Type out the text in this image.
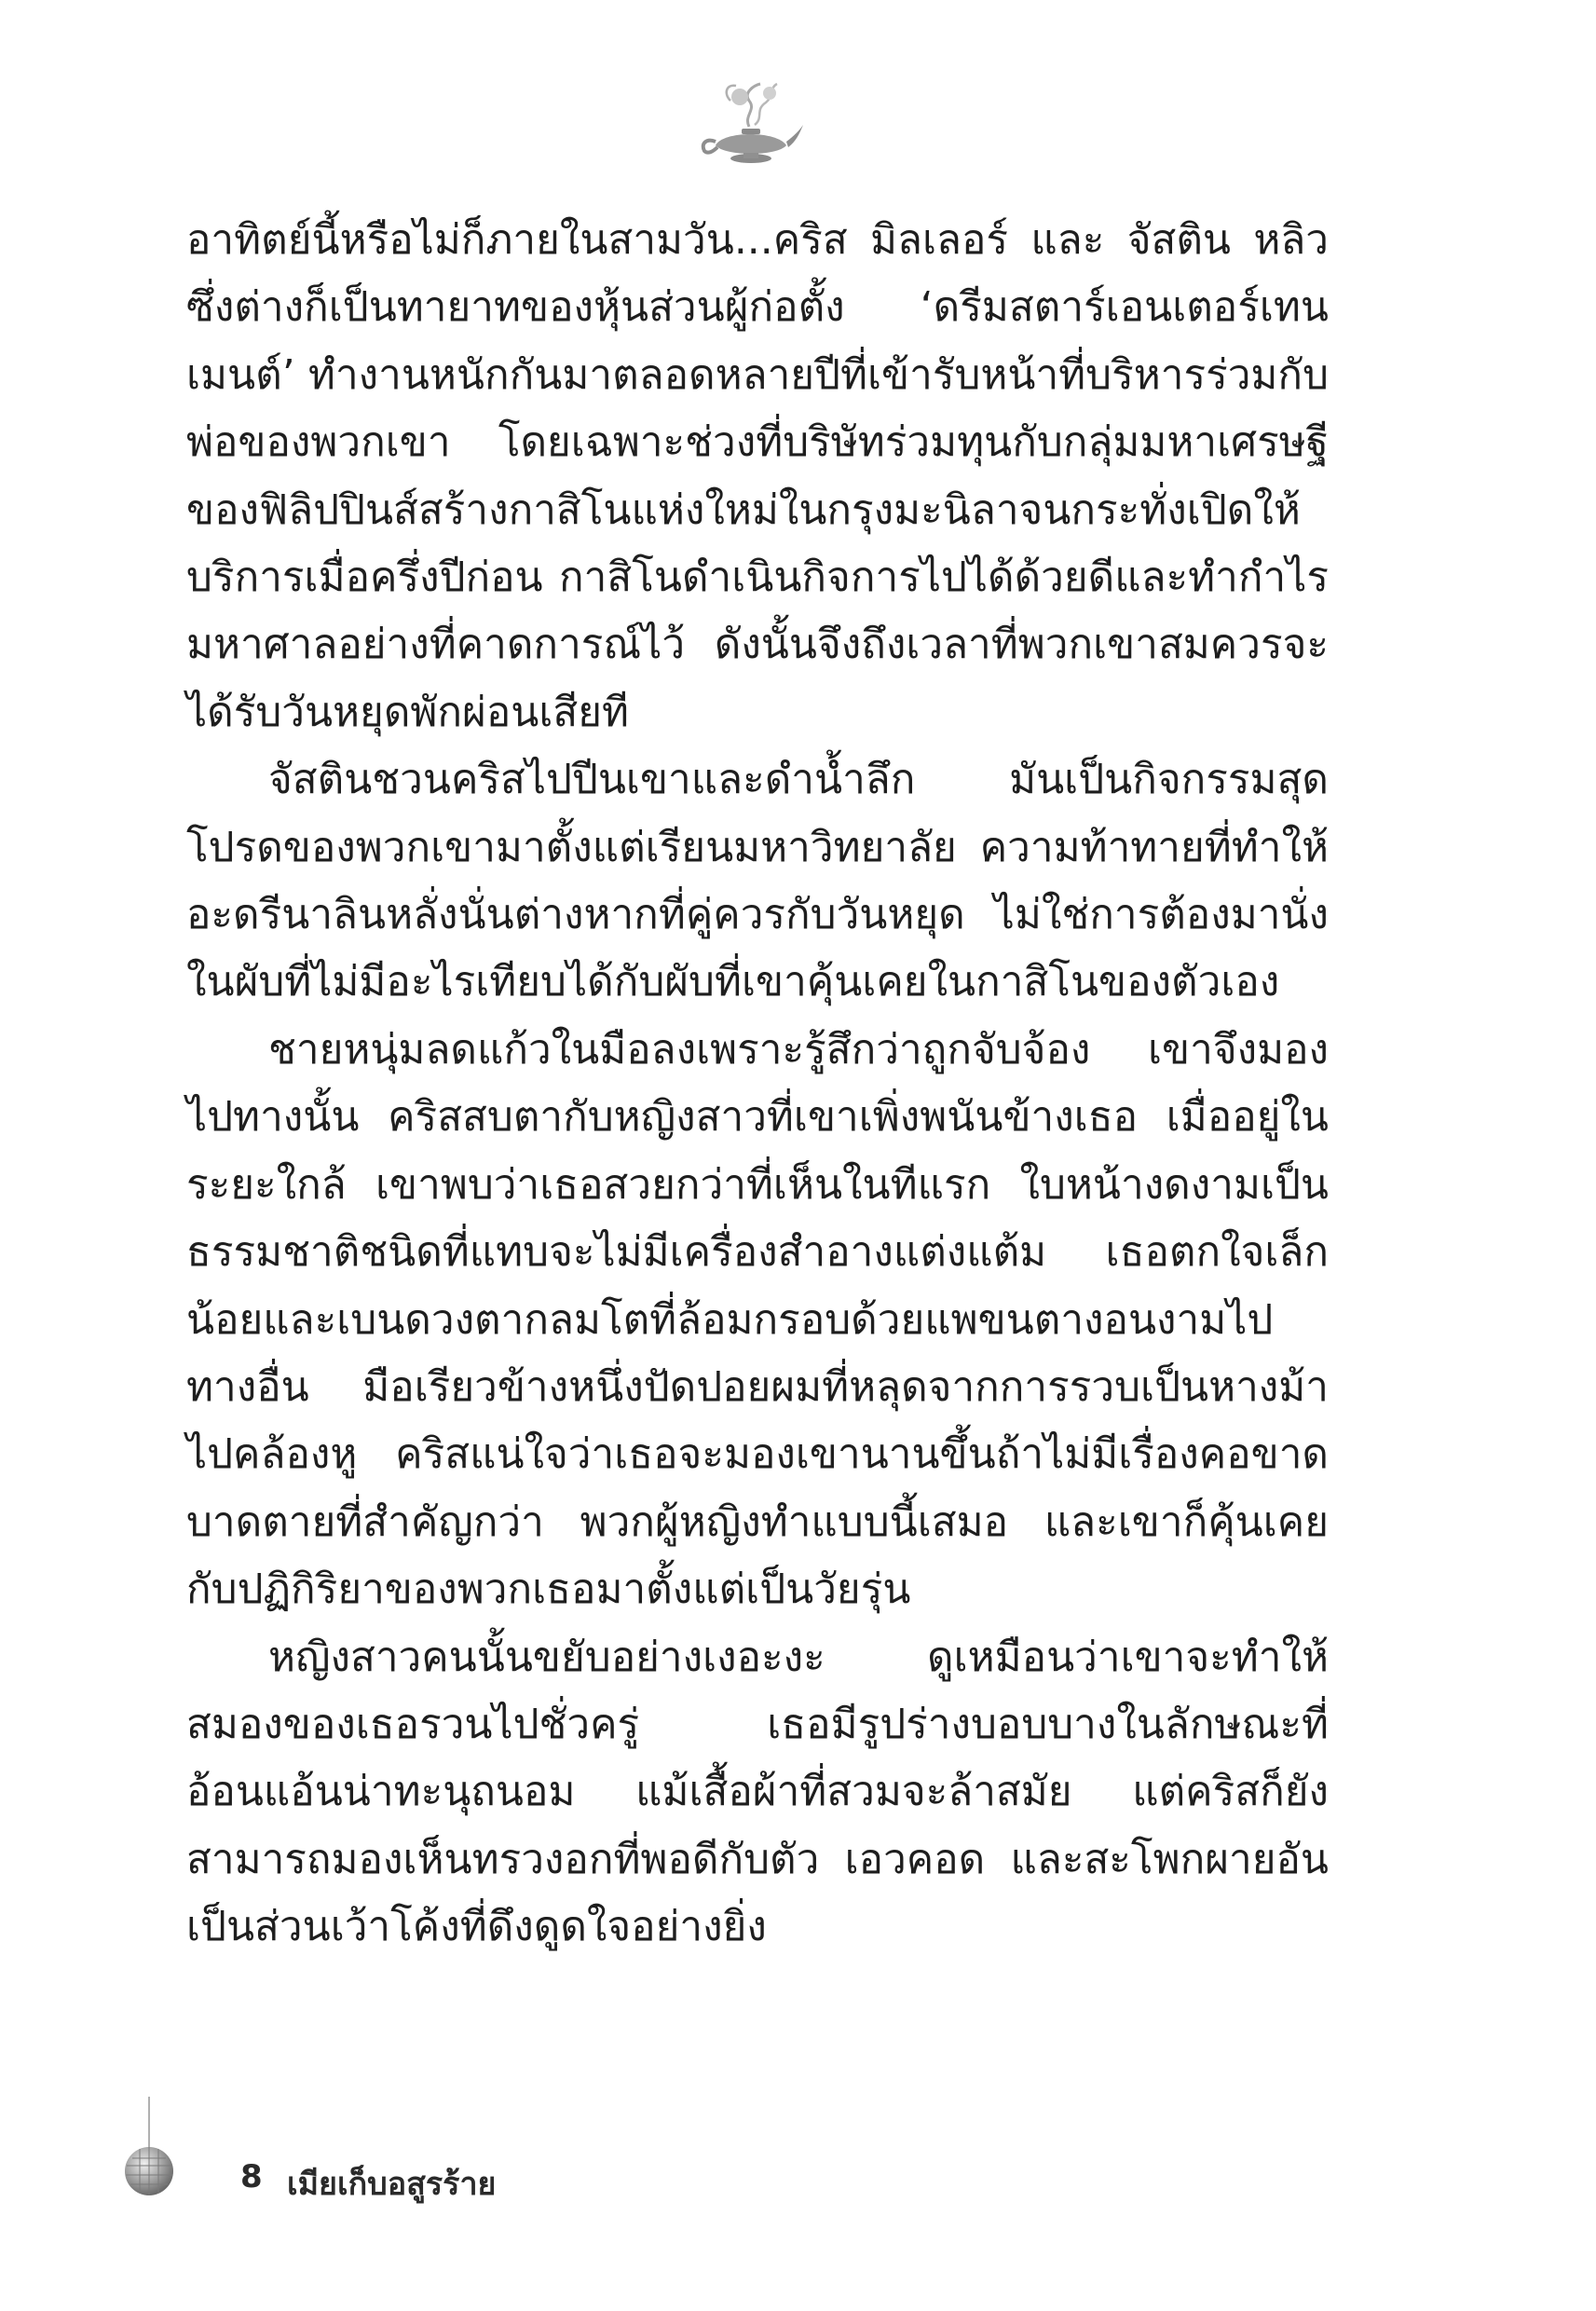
อาทิตย์นี้หรือไม่ก็ภายในสามวัน...คริส มิลเลอร์ และ จัสติน หลิว ซึ่งต่างก็เป็นทายาทของหุ้นส่วนผู้ก่อตั้ง ‘ดรีมสตาร์เอนเตอร์เทนเมนต์’ ทำงานหนักกันมาตลอดหลายปีที่เข้ารับหน้าที่บริหารร่วมกับพ่อของพวกเขา โดยเฉพาะช่วงที่บริษัทร่วมทุนกับกลุ่มมหาเศรษฐีของฟิลิปปินส์สร้างกาสิโนแห่งใหม่ในกรุงมะนิลาจนกระทั่งเปิดให้บริการเมื่อครึ่งปีก่อน กาสิโนดำเนินกิจการไปได้ด้วยดีและทำกำไรมหาศาลอย่างที่คาดการณ์ไว้ ดังนั้นจึงถึงเวลาที่พวกเขาสมควรจะได้รับวันหยุดพักผ่อนเสียที

จัสตินชวนคริสไปปีนเขาและดำน้ำลึก มันเป็นกิจกรรมสุดโปรดของพวกเขามาตั้งแต่เรียนมหาวิทยาลัย ความท้าทายที่ทำให้อะดรีนาลินหลั่งนั่นต่างหากที่คู่ควรกับวันหยุด ไม่ใช่การต้องมานั่งในผับที่ไม่มีอะไรเทียบได้กับผับที่เขาคุ้นเคยในกาสิโนของตัวเอง

ชายหนุ่มลดแก้วในมือลงเพราะรู้สึกว่าถูกจับจ้อง เขาจึงมองไปทางนั้น คริสสบตากับหญิงสาวที่เขาเพิ่งพนันข้างเธอ เมื่ออยู่ในระยะใกล้ เขาพบว่าเธอสวยกว่าที่เห็นในทีแรก ใบหน้างดงามเป็นธรรมชาติชนิดที่แทบจะไม่มีเครื่องสำอางแต่งแต้ม เธอตกใจเล็กน้อยและเบนดวงตากลมโตที่ล้อมกรอบด้วยแพขนตางอนงามไปทางอื่น มือเรียวข้างหนึ่งปัดปอยผมที่หลุดจากการรวบเป็นหางม้าไปคล้องหู คริสแน่ใจว่าเธอจะมองเขานานขึ้นถ้าไม่มีเรื่องคอขาดบาดตายที่สำคัญกว่า พวกผู้หญิงทำแบบนี้เสมอ และเขาก็คุ้นเคยกับปฏิกิริยาของพวกเธอมาตั้งแต่เป็นวัยรุ่น

หญิงสาวคนนั้นขยับอย่างเงอะงะ ดูเหมือนว่าเขาจะทำให้สมองของเธอรวนไปชั่วครู่ เธอมีรูปร่างบอบบางในลักษณะที่อ้อนแอ้นน่าทะนุถนอม แม้เสื้อผ้าที่สวมจะล้าสมัย แต่คริสก็ยังสามารถมองเห็นทรวงอกที่พอดีกับตัว เอวคอด และสะโพกผายอันเป็นส่วนเว้าโค้งที่ดึงดูดใจอย่างยิ่ง

8 เมียเก็บอสูรร้าย
